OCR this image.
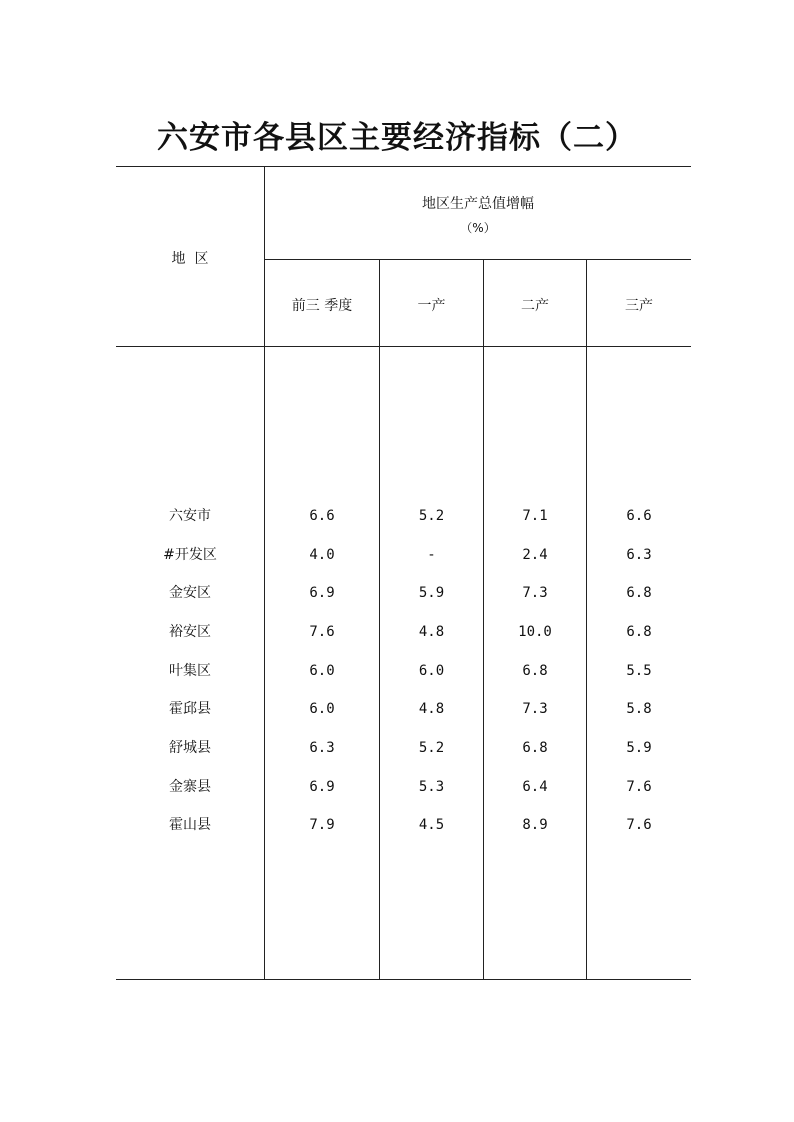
六安市各县区主要经济指标（二）
地  区
地区生产总值增幅
（%）
前三 季度	一产	二产	三产
六安市	6.6	5.2	7.1	6.6
#开发区	4.0	-	2.4	6.3
金安区	6.9	5.9	7.3	6.8
裕安区	7.6	4.8	10.0	6.8
叶集区	6.0	6.0	6.8	5.5
霍邱县	6.0	4.8	7.3	5.8
舒城县	6.3	5.2	6.8	5.9
金寨县	6.9	5.3	6.4	7.6
霍山县	7.9	4.5	8.9	7.6
